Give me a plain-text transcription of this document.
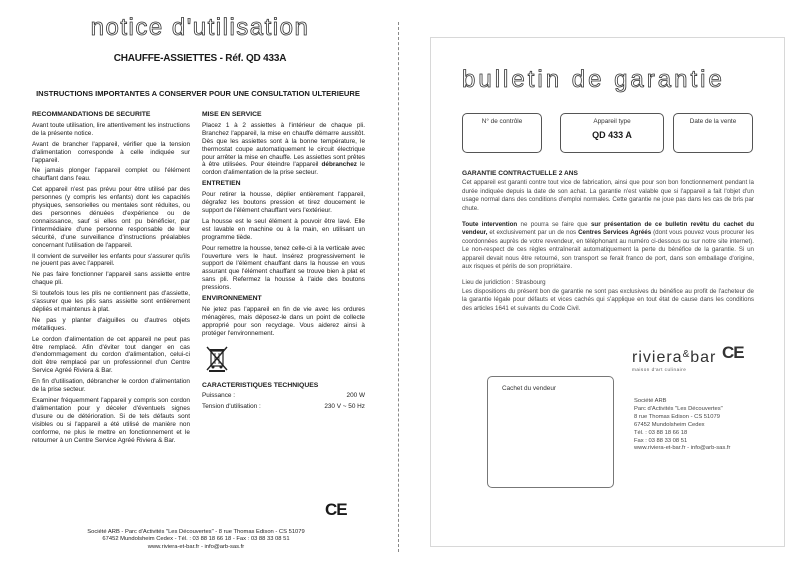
notice d'utilisation
CHAUFFE-ASSIETTES - Réf. QD 433A
INSTRUCTIONS IMPORTANTES A CONSERVER POUR UNE CONSULTATION ULTERIEURE
RECOMMANDATIONS DE SECURITE

Avant toute utilisation, lire attentivement les instructions de la présente notice.

Avant de brancher l'appareil, vérifier que la tension d'alimentation corresponde à celle indiquée sur l'appareil.

Ne jamais plonger l'appareil complet ou l'élément chauffant dans l'eau.

Cet appareil n'est pas prévu pour être utilisé par des personnes (y compris les enfants) dont les capacités physiques, sensorielles ou mentales sont réduites, ou des personnes dénuées d'expérience ou de connaissance, sauf si elles ont pu bénéficier, par l'intermédiaire d'une personne responsable de leur sécurité, d'une surveillance d'instructions préalables concernant l'utilisation de l'appareil.

Il convient de surveiller les enfants pour s'assurer qu'ils ne jouent pas avec l'appareil.

Ne pas faire fonctionner l'appareil sans assiette entre chaque pli.

Si toutefois tous les plis ne contiennent pas d'assiette, s'assurer que les plis sans assiette sont entièrement dépliés et maintenus à plat.

Ne pas y planter d'aiguilles ou d'autres objets métalliques.

Le cordon d'alimentation de cet appareil ne peut pas être remplacé. Afin d'éviter tout danger en cas d'endommagement du cordon d'alimentation, celui-ci doit être remplacé par un professionnel d'un Centre Service Agréé Riviera & Bar.

En fin d'utilisation, débrancher le cordon d'alimentation de la prise secteur.

Examiner fréquemment l'appareil y compris son cordon d'alimentation pour y déceler d'éventuels signes d'usure ou de détérioration. Si de tels défauts sont visibles ou si l'appareil a été utilisé de manière non conforme, ne plus le mettre en fonctionnement et le retourner à un Centre Service Agréé Riviera & Bar.

MISE EN SERVICE

Placez 1 à 2 assiettes à l'intérieur de chaque pli. Branchez l'appareil, la mise en chauffe démarre aussitôt. Dès que les assiettes sont à la bonne température, le thermostat coupe automatiquement le circuit électrique pour arrêter la mise en chauffe. Les assiettes sont prêtes à être utilisées. Pour éteindre l'appareil débranchez le cordon d'alimentation de la prise secteur.

ENTRETIEN

Pour retirer la housse, déplier entièrement l'appareil, dégrafez les boutons pression et tirez doucement le support de l'élément chauffant vers l'extérieur.

La housse est le seul élément à pouvoir être lavé. Elle est lavable en machine ou à la main, en utilisant un programme tiède.

Pour remettre la housse, tenez celle-ci à la verticale avec l'ouverture vers le haut. Insérez progressivement le support de l'élément chauffant dans la housse en vous assurant que l'élément chauffant se trouve bien à plat et sans pli. Refermez la housse à l'aide des boutons pressions.

ENVIRONNEMENT

Ne jetez pas l'appareil en fin de vie avec les ordures ménagères, mais déposez-le dans un point de collecte approprié pour son recyclage. Vous aiderez ainsi à protéger l'environnement.

CARACTERISTIQUES TECHNIQUES
Puissance :	200 W
Tension d'utilisation :	230 V ~ 50 Hz
CE
Société ARB - Parc d'Activités "Les Découvertes" - 8 rue Thomas Edison - CS 51079
67452 Mundolsheim Cedex - Tél. : 03 88 18 66 18 - Fax : 03 88 33 08 51
www.riviera-et-bar.fr - info@arb-sas.fr
bulletin de garantie
N° de contrôle	Appareil type
QD 433 A
Date de la vente
GARANTIE CONTRACTUELLE 2 ANS
Cet appareil est garanti contre tout vice de fabrication, ainsi que pour son bon fonctionnement pendant la durée indiquée depuis la date de son achat. La garantie n'est valable que si l'appareil a fait l'objet d'un usage normal dans des conditions d'emploi normales. Cette garantie ne joue pas dans les cas de bris par chute.
Toute intervention ne pourra se faire que sur présentation de ce bulletin revêtu du cachet du vendeur, et exclusivement par un de nos Centres Services Agréés (dont vous pouvez vous procurer les coordonnées auprès de votre revendeur, en téléphonant au numéro ci-dessous ou sur notre site internet). Le non-respect de ces règles entraînerait automatiquement la perte du bénéfice de la garantie. Si un appareil devait nous être retourné, son transport se ferait franco de port, dans son emballage d'origine, aux risques et périls de son propriétaire.
Lieu de juridiction : Strasbourg
Les dispositions du présent bon de garantie ne sont pas exclusives du bénéfice au profit de l'acheteur de la garantie légale pour défauts et vices cachés qui s'applique en tout état de cause dans les conditions des articles 1641 et suivants du Code Civil.
CE
Cachet du vendeur
riviera&bar
maison d'art culinaire
Société ARB
Parc d'Activités "Les Découvertes"
8 rue Thomas Edison - CS 51079
67452 Mundolsheim Cedex
Tél. : 03 88 18 66 18
Fax : 03 88 33 08 51
www.riviera-et-bar.fr - info@arb-sas.fr
